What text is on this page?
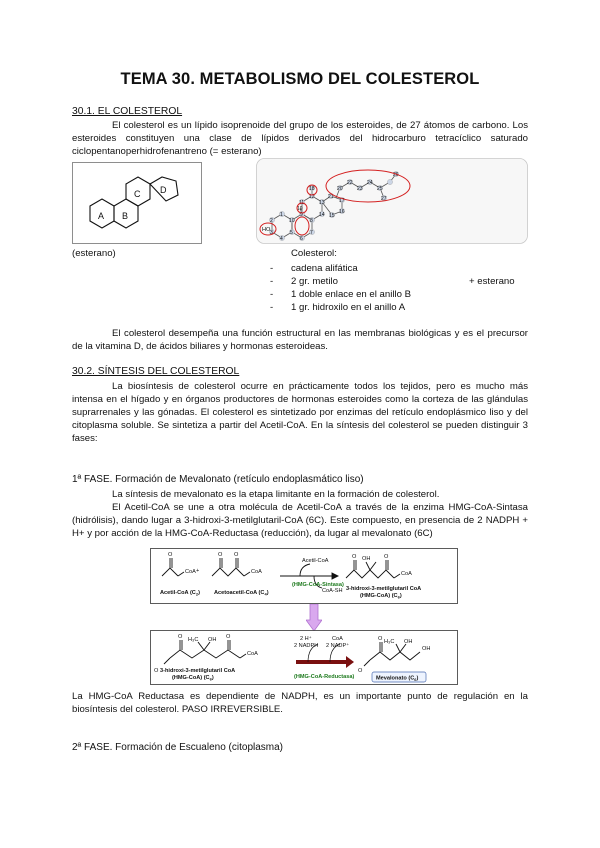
TEMA 30. METABOLISMO DEL COLESTEROL
30.1. EL COLESTEROL
El colesterol es un lípido isoprenoide del grupo de los esteroides, de 27 átomos de carbono. Los esteroides constituyen una clase de lípidos derivados del hidrocarburo tetracíclico saturado ciclopentanoperhidrofenantreno (= esterano)
A B
C D
(esterano)
1
2
3
4
5
6
7
8
9
10
11
12
13
14 15
16
17
18
19
20
21
22
23
24
25
26
27
HO
Colesterol:
- cadena alifática
- 2 gr. metilo	+ esterano
- 1 doble enlace en el anillo B
- 1 gr. hidroxilo en el anillo A
El colesterol desempeña una función estructural en las membranas biológicas y es el precursor de la vitamina D, de ácidos biliares y hormonas esteroideas.
30.2. SÍNTESIS DEL COLESTEROL
La biosíntesis de colesterol ocurre en prácticamente todos los tejidos, pero es mucho más intensa en el hígado y en órganos productores de hormonas esteroides como la corteza de las glándulas suprarrenales y las gónadas. El colesterol es sintetizado por enzimas del retículo endoplásmico liso y del citoplasma soluble. Se sintetiza a partir del Acetil-CoA. En la síntesis del colesterol se pueden distinguir 3 fases:
1ª FASE. Formación de Mevalonato (retículo endoplasmático liso)
La síntesis de mevalonato es la etapa limitante en la formación de colesterol.
El Acetil-CoA se une a otra molécula de Acetil-CoA a través de la enzima HMG-CoA-Sintasa (hidrólisis), dando lugar a 3-hidroxi-3-metilglutaril-CoA (6C). Este compuesto, en presencia de 2 NADPH + H+ y por acción de la HMG-CoA-Reductasa (reducción), da lugar al mevalonato (6C)
O
CoA +
O O
CoA
Acetil-CoA
CoA-SH
(HMG-CoA-Sintasa)
O	O
OH
CoA
Acetil-CoA $(C_2)$	Acetoacetil-CoA $(C_4)$
3-hidroxi-3-metilglutaril CoA
(HMG-CoA) $(C_6)$
O	O
H₃C OH
O
CoA
2 H⁺
2 NADPH
CoA
2 NADP⁺
(HMG-CoA-Reductasa)
O H₃C OH
OH
O
3-hidroxi-3-metilglutaril CoA
(HMG-CoA) $(C_6)$	Mevalonato $(C_6)$
La HMG-CoA Reductasa es dependiente de NADPH, es un importante punto de regulación en la biosíntesis del colesterol. PASO IRREVERSIBLE.
2ª FASE. Formación de Escualeno (citoplasma)
